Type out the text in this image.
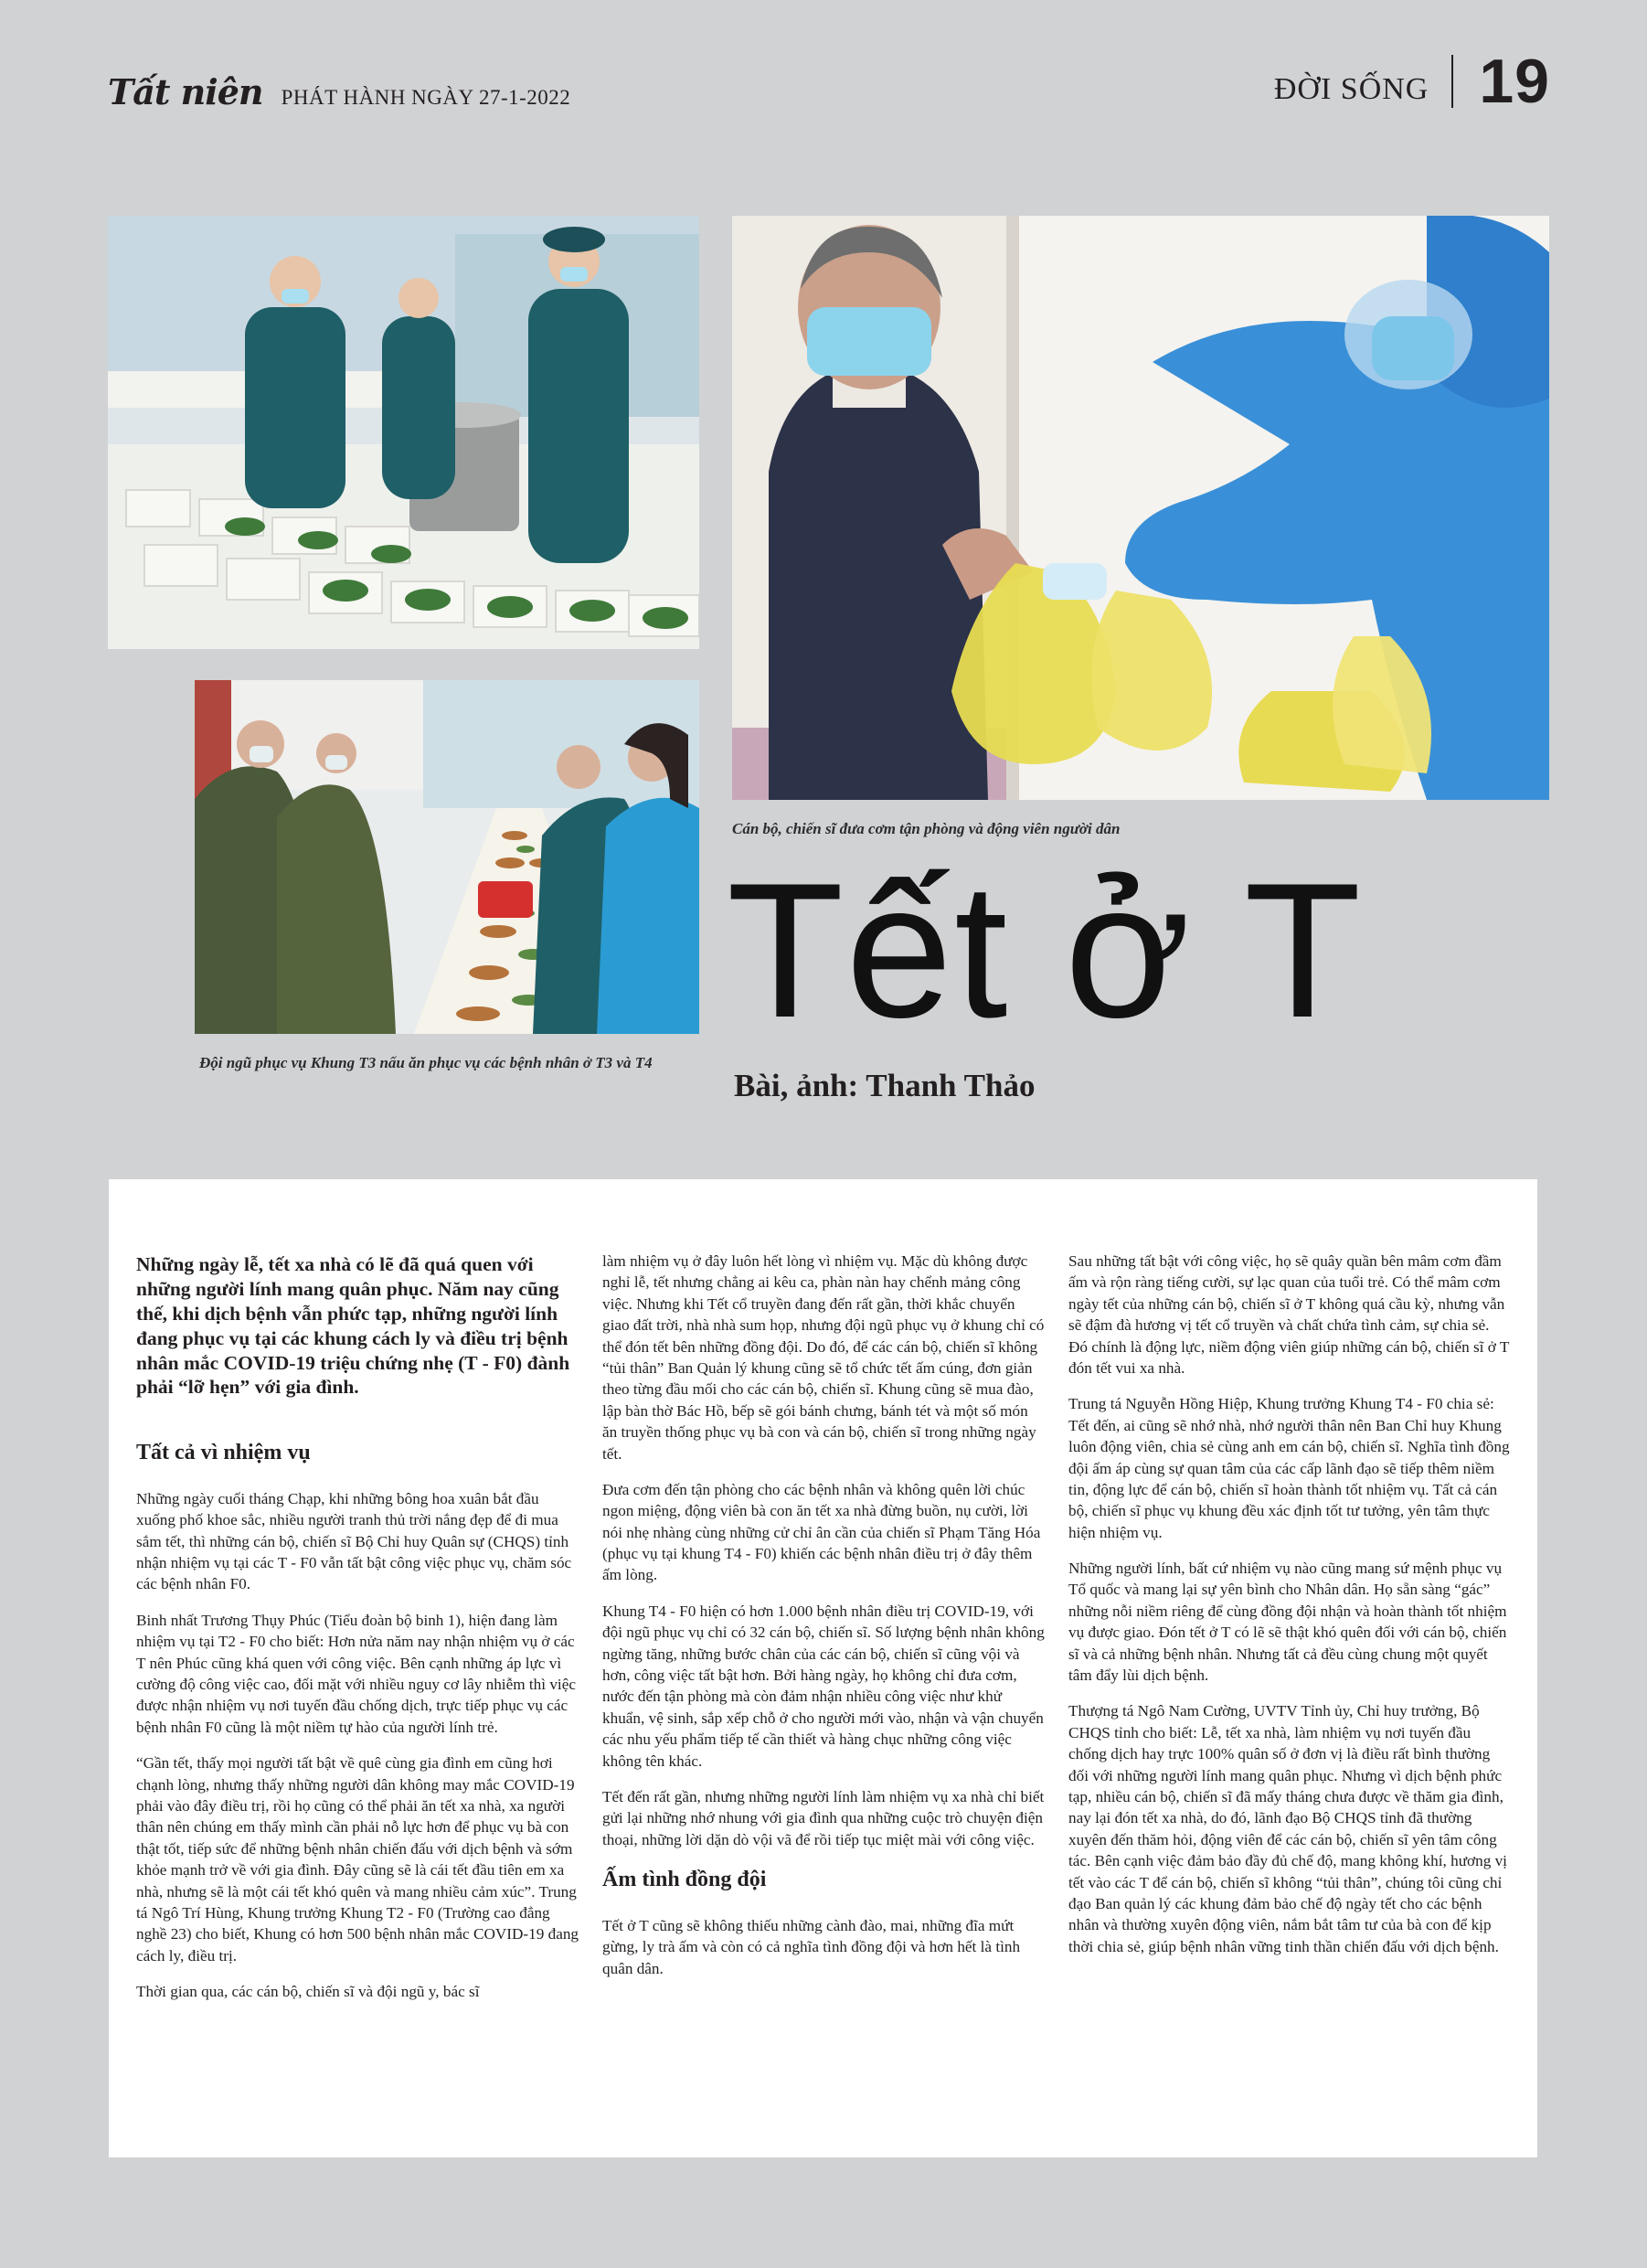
Tất niên PHÁT HÀNH NGÀY 27-1-2022	ĐỜI SỐNG 19
Đội ngũ phục vụ Khung T3 nấu ăn phục vụ các bệnh nhân ở T3 và T4
Cán bộ, chiến sĩ đưa cơm tận phòng và động viên người dân
Tết ở T
Bài, ảnh: Thanh Thảo

Những ngày lễ, tết xa nhà có lẽ đã quá quen với những người lính mang quân phục. Năm nay cũng thế, khi dịch bệnh vẫn phức tạp, những người lính đang phục vụ tại các khung cách ly và điều trị bệnh nhân mắc COVID-19 triệu chứng nhẹ (T - F0) đành phải “lỡ hẹn” với gia đình.

Tất cả vì nhiệm vụ

Những ngày cuối tháng Chạp, khi những bông hoa xuân bắt đầu xuống phố khoe sắc, nhiều người tranh thủ trời nắng đẹp để đi mua sắm tết, thì những cán bộ, chiến sĩ Bộ Chỉ huy Quân sự (CHQS) tỉnh nhận nhiệm vụ tại các T - F0 vẫn tất bật công việc phục vụ, chăm sóc các bệnh nhân F0.

Binh nhất Trương Thụy Phúc (Tiểu đoàn bộ binh 1), hiện đang làm nhiệm vụ tại T2 - F0 cho biết: Hơn nửa năm nay nhận nhiệm vụ ở các T nên Phúc cũng khá quen với công việc. Bên cạnh những áp lực vì cường độ công việc cao, đối mặt với nhiều nguy cơ lây nhiễm thì việc được nhận nhiệm vụ nơi tuyến đầu chống dịch, trực tiếp phục vụ các bệnh nhân F0 cũng là một niềm tự hào của người lính trẻ.

“Gần tết, thấy mọi người tất bật về quê cùng gia đình em cũng hơi chạnh lòng, nhưng thấy những người dân không may mắc COVID-19 phải vào đây điều trị, rồi họ cũng có thể phải ăn tết xa nhà, xa người thân nên chúng em thấy mình cần phải nỗ lực hơn để phục vụ bà con thật tốt, tiếp sức để những bệnh nhân chiến đấu với dịch bệnh và sớm khỏe mạnh trở về với gia đình. Đây cũng sẽ là cái tết đầu tiên em xa nhà, nhưng sẽ là một cái tết khó quên và mang nhiều cảm xúc”. Trung tá Ngô Trí Hùng, Khung trưởng Khung T2 - F0 (Trường cao đẳng nghề 23) cho biết, Khung có hơn 500 bệnh nhân mắc COVID-19 đang cách ly, điều trị.

Thời gian qua, các cán bộ, chiến sĩ và đội ngũ y, bác sĩ

làm nhiệm vụ ở đây luôn hết lòng vì nhiệm vụ. Mặc dù không được nghỉ lễ, tết nhưng chẳng ai kêu ca, phàn nàn hay chểnh mảng công việc. Nhưng khi Tết cổ truyền đang đến rất gần, thời khắc chuyển giao đất trời, nhà nhà sum họp, nhưng đội ngũ phục vụ ở khung chỉ có thể đón tết bên những đồng đội. Do đó, để các cán bộ, chiến sĩ không “tủi thân” Ban Quản lý khung cũng sẽ tổ chức tết ấm cúng, đơn giản theo từng đầu mối cho các cán bộ, chiến sĩ. Khung cũng sẽ mua đào, lập bàn thờ Bác Hồ, bếp sẽ gói bánh chưng, bánh tét và một số món ăn truyền thống phục vụ bà con và cán bộ, chiến sĩ trong những ngày tết.

Đưa cơm đến tận phòng cho các bệnh nhân và không quên lời chúc ngon miệng, động viên bà con ăn tết xa nhà đừng buồn, nụ cười, lời nói nhẹ nhàng cùng những cử chỉ ân cần của chiến sĩ Phạm Tăng Hóa (phục vụ tại khung T4 - F0) khiến các bệnh nhân điều trị ở đây thêm ấm lòng.

Khung T4 - F0 hiện có hơn 1.000 bệnh nhân điều trị COVID-19, với đội ngũ phục vụ chỉ có 32 cán bộ, chiến sĩ. Số lượng bệnh nhân không ngừng tăng, những bước chân của các cán bộ, chiến sĩ cũng vội và hơn, công việc tất bật hơn. Bởi hàng ngày, họ không chỉ đưa cơm, nước đến tận phòng mà còn đảm nhận nhiều công việc như khử khuẩn, vệ sinh, sắp xếp chỗ ở cho người mới vào, nhận và vận chuyển các nhu yếu phẩm tiếp tế cần thiết và hàng chục những công việc không tên khác.

Tết đến rất gần, nhưng những người lính làm nhiệm vụ xa nhà chỉ biết gửi lại những nhớ nhung với gia đình qua những cuộc trò chuyện điện thoại, những lời dặn dò vội vã để rồi tiếp tục miệt mài với công việc.

Ấm tình đồng đội

Tết ở T cũng sẽ không thiếu những cành đào, mai, những đĩa mứt gừng, ly trà ấm và còn có cả nghĩa tình đồng đội và hơn hết là tình quân dân.

Sau những tất bật với công việc, họ sẽ quây quần bên mâm cơm đầm ấm và rộn ràng tiếng cười, sự lạc quan của tuổi trẻ. Có thể mâm cơm ngày tết của những cán bộ, chiến sĩ ở T không quá cầu kỳ, nhưng vẫn sẽ đậm đà hương vị tết cổ truyền và chất chứa tình cảm, sự chia sẻ. Đó chính là động lực, niềm động viên giúp những cán bộ, chiến sĩ ở T đón tết vui xa nhà.

Trung tá Nguyễn Hồng Hiệp, Khung trưởng Khung T4 - F0 chia sẻ: Tết đến, ai cũng sẽ nhớ nhà, nhớ người thân nên Ban Chỉ huy Khung luôn động viên, chia sẻ cùng anh em cán bộ, chiến sĩ. Nghĩa tình đồng đội ấm áp cùng sự quan tâm của các cấp lãnh đạo sẽ tiếp thêm niềm tin, động lực để cán bộ, chiến sĩ hoàn thành tốt nhiệm vụ. Tất cả cán bộ, chiến sĩ phục vụ khung đều xác định tốt tư tưởng, yên tâm thực hiện nhiệm vụ.

Những người lính, bất cứ nhiệm vụ nào cũng mang sứ mệnh phục vụ Tổ quốc và mang lại sự yên bình cho Nhân dân. Họ sẵn sàng “gác” những nỗi niềm riêng để cùng đồng đội nhận và hoàn thành tốt nhiệm vụ được giao. Đón tết ở T có lẽ sẽ thật khó quên đối với cán bộ, chiến sĩ và cả những bệnh nhân. Nhưng tất cả đều cùng chung một quyết tâm đẩy lùi dịch bệnh.

Thượng tá Ngô Nam Cường, UVTV Tỉnh ủy, Chỉ huy trưởng, Bộ CHQS tỉnh cho biết: Lễ, tết xa nhà, làm nhiệm vụ nơi tuyến đầu chống dịch hay trực 100% quân số ở đơn vị là điều rất bình thường đối với những người lính mang quân phục. Nhưng vì dịch bệnh phức tạp, nhiều cán bộ, chiến sĩ đã mấy tháng chưa được về thăm gia đình, nay lại đón tết xa nhà, do đó, lãnh đạo Bộ CHQS tỉnh đã thường xuyên đến thăm hỏi, động viên để các cán bộ, chiến sĩ yên tâm công tác. Bên cạnh việc đảm bảo đầy đủ chế độ, mang không khí, hương vị tết vào các T để cán bộ, chiến sĩ không “tủi thân”, chúng tôi cũng chỉ đạo Ban quản lý các khung đảm bảo chế độ ngày tết cho các bệnh nhân và thường xuyên động viên, nắm bắt tâm tư của bà con để kịp thời chia sẻ, giúp bệnh nhân vững tinh thần chiến đấu với dịch bệnh.
